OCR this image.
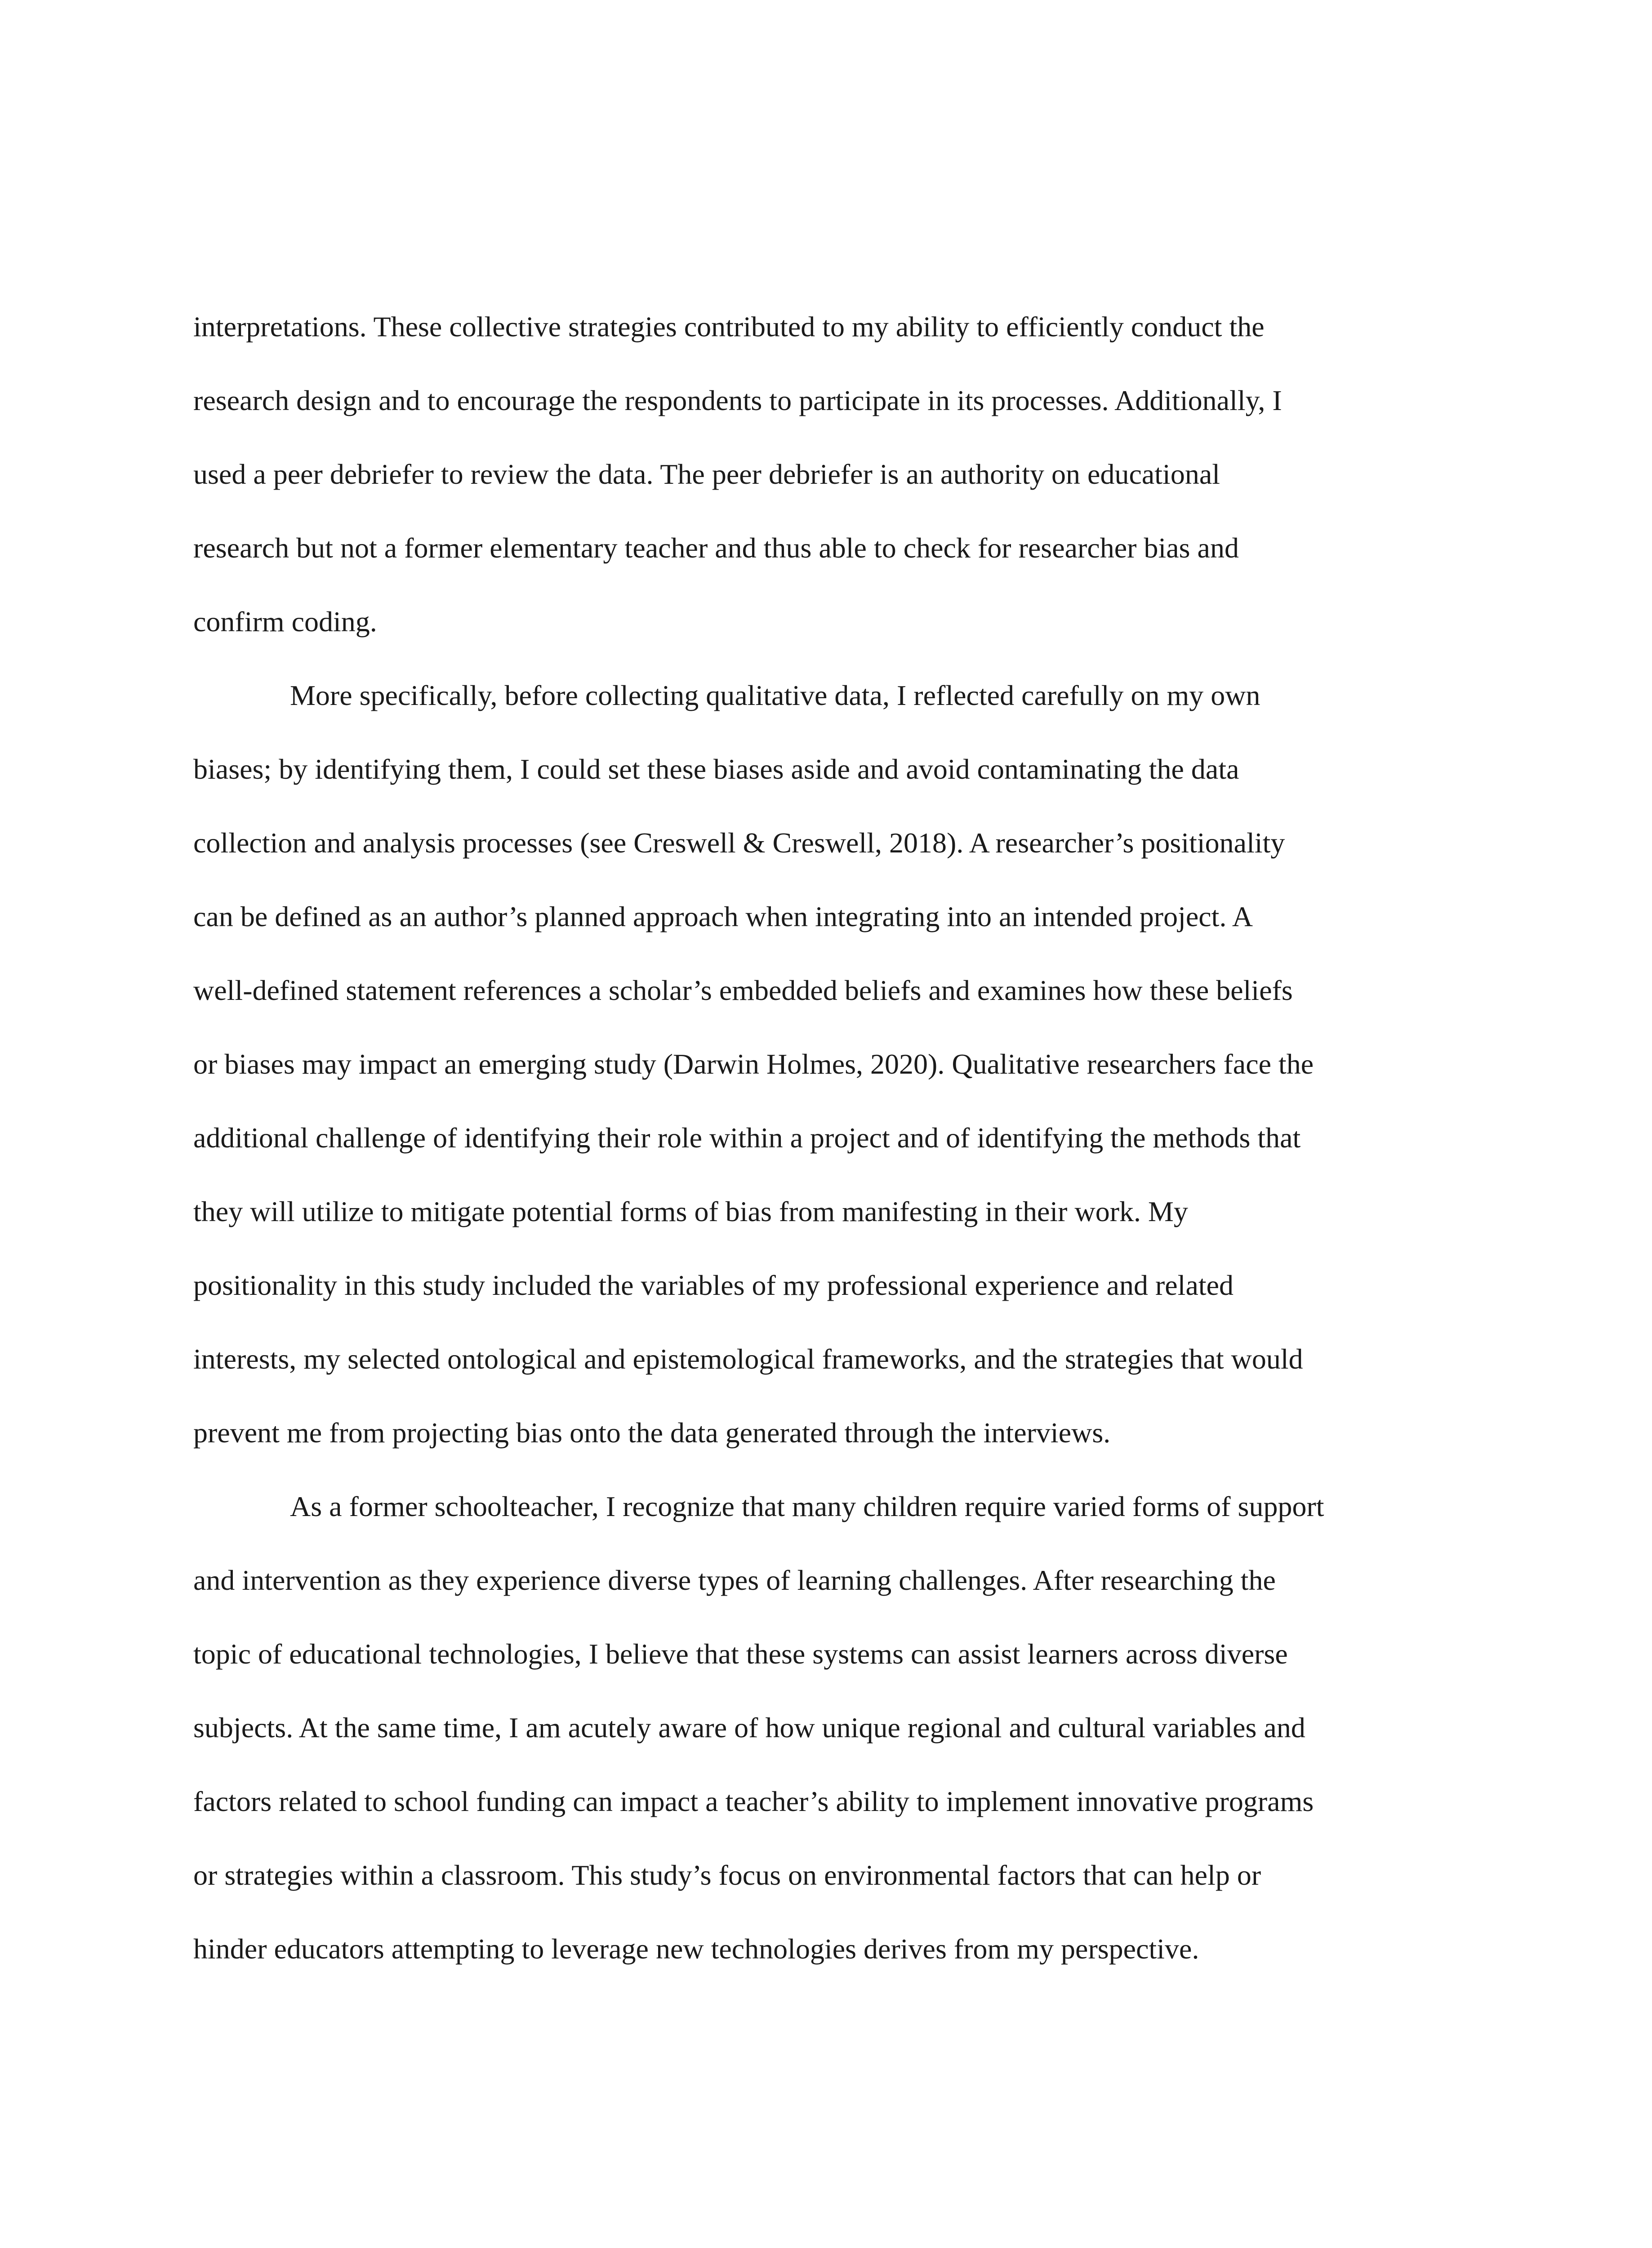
interpretations. These collective strategies contributed to my ability to efficiently conduct the
research design and to encourage the respondents to participate in its processes. Additionally, I
used a peer debriefer to review the data. The peer debriefer is an authority on educational
research but not a former elementary teacher and thus able to check for researcher bias and
confirm coding.

More specifically, before collecting qualitative data, I reflected carefully on my own
biases; by identifying them, I could set these biases aside and avoid contaminating the data
collection and analysis processes (see Creswell & Creswell, 2018). A researcher’s positionality
can be defined as an author’s planned approach when integrating into an intended project. A
well-defined statement references a scholar’s embedded beliefs and examines how these beliefs
or biases may impact an emerging study (Darwin Holmes, 2020). Qualitative researchers face the
additional challenge of identifying their role within a project and of identifying the methods that
they will utilize to mitigate potential forms of bias from manifesting in their work. My
positionality in this study included the variables of my professional experience and related
interests, my selected ontological and epistemological frameworks, and the strategies that would
prevent me from projecting bias onto the data generated through the interviews.

As a former schoolteacher, I recognize that many children require varied forms of support
and intervention as they experience diverse types of learning challenges. After researching the
topic of educational technologies, I believe that these systems can assist learners across diverse
subjects. At the same time, I am acutely aware of how unique regional and cultural variables and
factors related to school funding can impact a teacher’s ability to implement innovative programs
or strategies within a classroom. This study’s focus on environmental factors that can help or
hinder educators attempting to leverage new technologies derives from my perspective.
